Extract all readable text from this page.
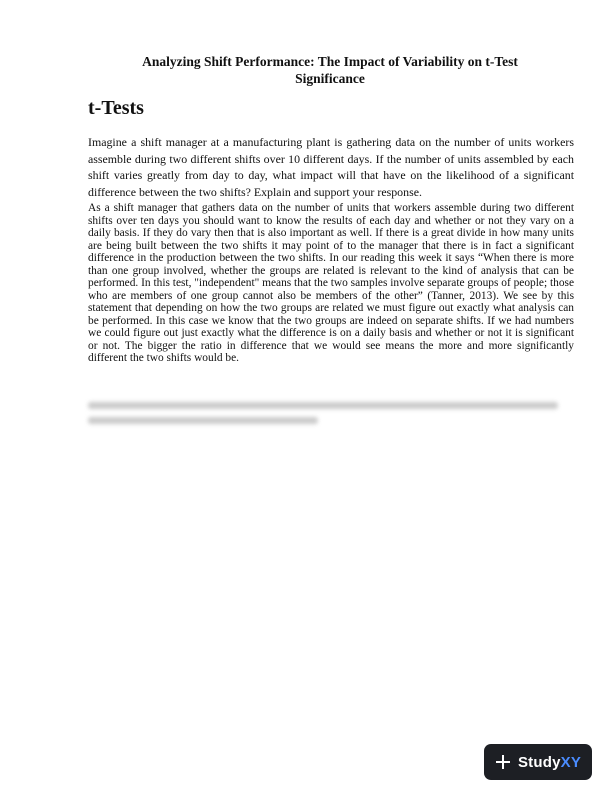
Analyzing Shift Performance: The Impact of Variability on t-Test Significance
t-Tests

Imagine a shift manager at a manufacturing plant is gathering data on the number of units workers assemble during two different shifts over 10 different days. If the number of units assembled by each shift varies greatly from day to day, what impact will that have on the likelihood of a significant difference between the two shifts? Explain and support your response.

As a shift manager that gathers data on the number of units that workers assemble during two different shifts over ten days you should want to know the results of each day and whether or not they vary on a daily basis. If they do vary then that is also important as well. If there is a great divide in how many units are being built between the two shifts it may point of to the manager that there is in fact a significant difference in the production between the two shifts. In our reading this week it says “When there is more than one group involved, whether the groups are related is relevant to the kind of analysis that can be performed. In this test, "independent" means that the two samples involve separate groups of people; those who are members of one group cannot also be members of the other” (Tanner, 2013). We see by this statement that depending on how the two groups are related we must figure out exactly what analysis can be performed. In this case we know that the two groups are indeed on separate shifts. If we had numbers we could figure out just exactly what the difference is on a daily basis and whether or not it is significant or not. The bigger the ratio in difference that we would see means the more and more significantly different the two shifts would be.

StudyXY
